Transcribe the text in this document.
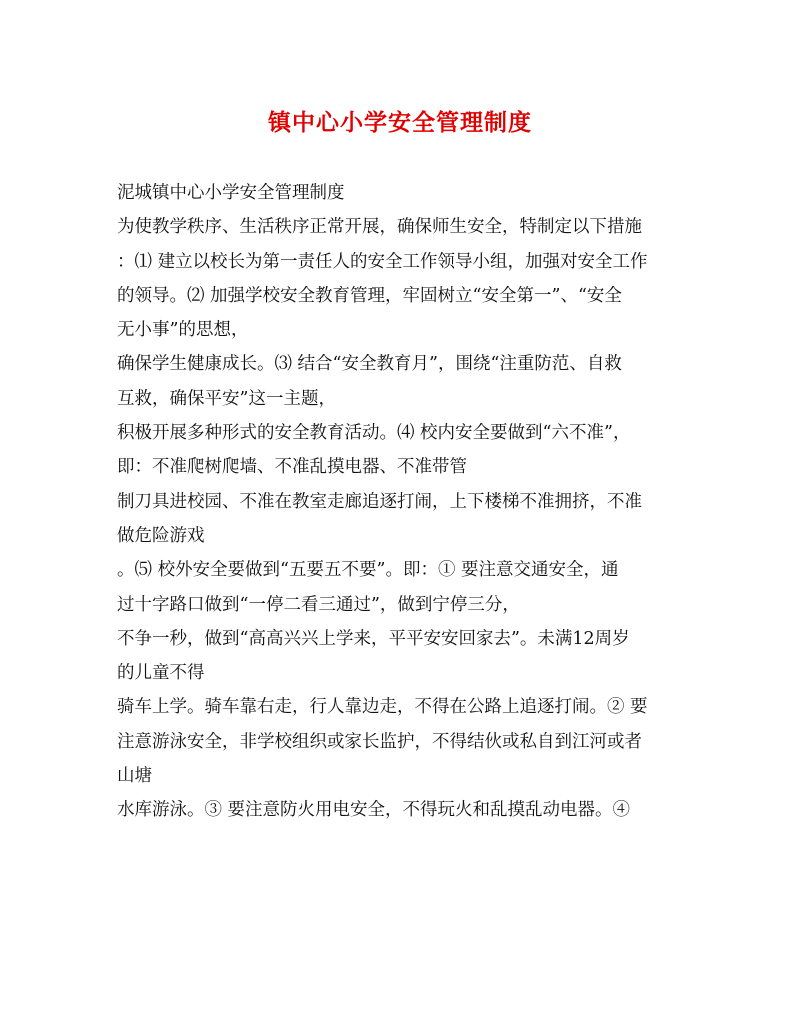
镇中心小学安全管理制度
泥城镇中心小学安全管理制度
为使教学秩序、生活秩序正常开展，确保师生安全，特制定以下措施
：⑴ 建立以校长为第一责任人的安全工作领导小组，加强对安全工作
的领导。⑵ 加强学校安全教育管理，牢固树立“安全第一”、“安全
无小事”的思想，
确保学生健康成长。⑶ 结合“安全教育月”，围绕“注重防范、自救
互救，确保平安”这一主题，
积极开展多种形式的安全教育活动。⑷ 校内安全要做到“六不准”，
即：不准爬树爬墙、不准乱摸电器、不准带管
制刀具进校园、不准在教室走廊追逐打闹，上下楼梯不准拥挤，不准
做危险游戏
。⑸ 校外安全要做到“五要五不要”。即：① 要注意交通安全，通
过十字路口做到“一停二看三通过”，做到宁停三分，
不争一秒，做到“高高兴兴上学来，平平安安回家去”。未满12周岁
的儿童不得
骑车上学。骑车靠右走，行人靠边走，不得在公路上追逐打闹。② 要
注意游泳安全，非学校组织或家长监护，不得结伙或私自到江河或者
山塘
水库游泳。③ 要注意防火用电安全，不得玩火和乱摸乱动电器。④
